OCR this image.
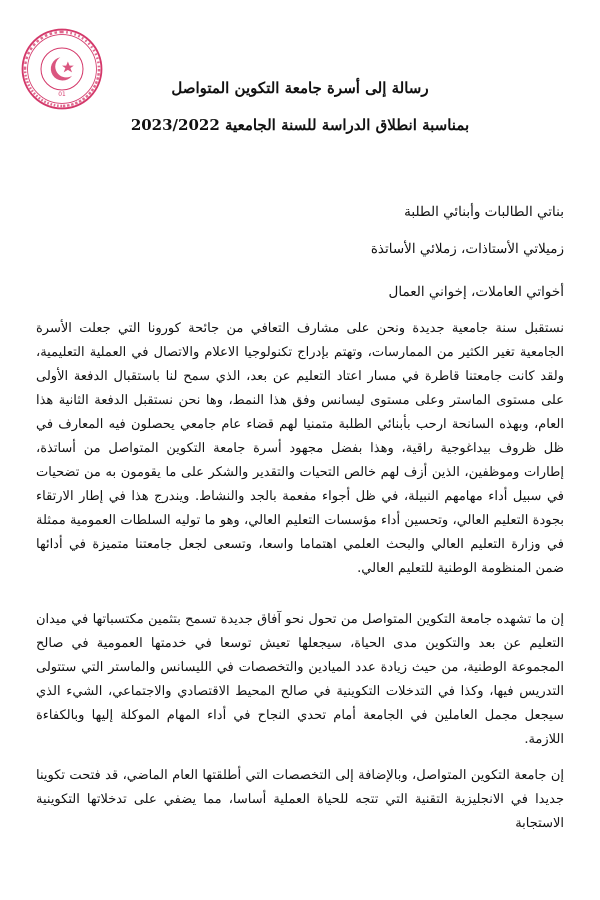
01	رسالة إلى أسرة جامعة التكوين المتواصل
بمناسبة انطلاق الدراسة للسنة الجامعية 2023/2022

بناتي الطالبات وأبنائي الطلبة

زميلاتي الأستاذات، زملائي الأساتذة

أخواتي العاملات، إخواني العمال

نستقبل سنة جامعية جديدة ونحن على مشارف التعافي من جائحة كورونا التي جعلت الأسرة الجامعية تغير الكثير من الممارسات، وتهتم بإدراج تكنولوجيا الاعلام والاتصال في العملية التعليمية، ولقد كانت جامعتنا قاطرة في مسار اعتاد التعليم عن بعد، الذي سمح لنا باستقبال الدفعة الأولى على مستوى الماستر وعلى مستوى ليسانس وفق هذا النمط، وها نحن نستقبل الدفعة الثانية هذا العام، وبهذه السانحة ارحب بأبنائي الطلبة متمنيا لهم قضاء عام جامعي يحصلون فيه المعارف في ظل ظروف بيداغوجية راقية، وهذا بفضل مجهود أسرة جامعة التكوين المتواصل من أساتذة، إطارات وموظفين، الذين أزف لهم خالص التحيات والتقدير والشكر على ما يقومون به من تضحيات في سبيل أداء مهامهم النبيلة، في ظل أجواء مفعمة بالجد والنشاط. ويندرج هذا في إطار الارتقاء بجودة التعليم العالي، وتحسين أداء مؤسسات التعليم العالي، وهو ما توليه السلطات العمومية ممثلة في وزارة التعليم العالي والبحث العلمي اهتماما واسعا، وتسعى لجعل جامعتنا متميزة في أدائها ضمن المنظومة الوطنية للتعليم العالي.

إن ما تشهده جامعة التكوين المتواصل من تحول نحو آفاق جديدة تسمح بتثمين مكتسباتها في ميدان التعليم عن بعد والتكوين مدى الحياة، سيجعلها تعيش توسعا في خدمتها العمومية في صالح المجموعة الوطنية، من حيث زيادة عدد الميادين والتخصصات في الليسانس والماستر التي ستتولى التدريس فيها، وكذا في التدخلات التكوينية في صالح المحيط الاقتصادي والاجتماعي، الشيء الذي سيجعل مجمل العاملين في الجامعة أمام تحدي النجاح في أداء المهام الموكلة إليها وبالكفاءة اللازمة.

إن جامعة التكوين المتواصل، وبالإضافة إلى التخصصات التي أطلقتها العام الماضي، قد فتحت تكوينا جديدا في الانجليزية التقنية التي تتجه للحياة العملية أساسا، مما يضفي على تدخلاتها التكوينية الاستجابة
